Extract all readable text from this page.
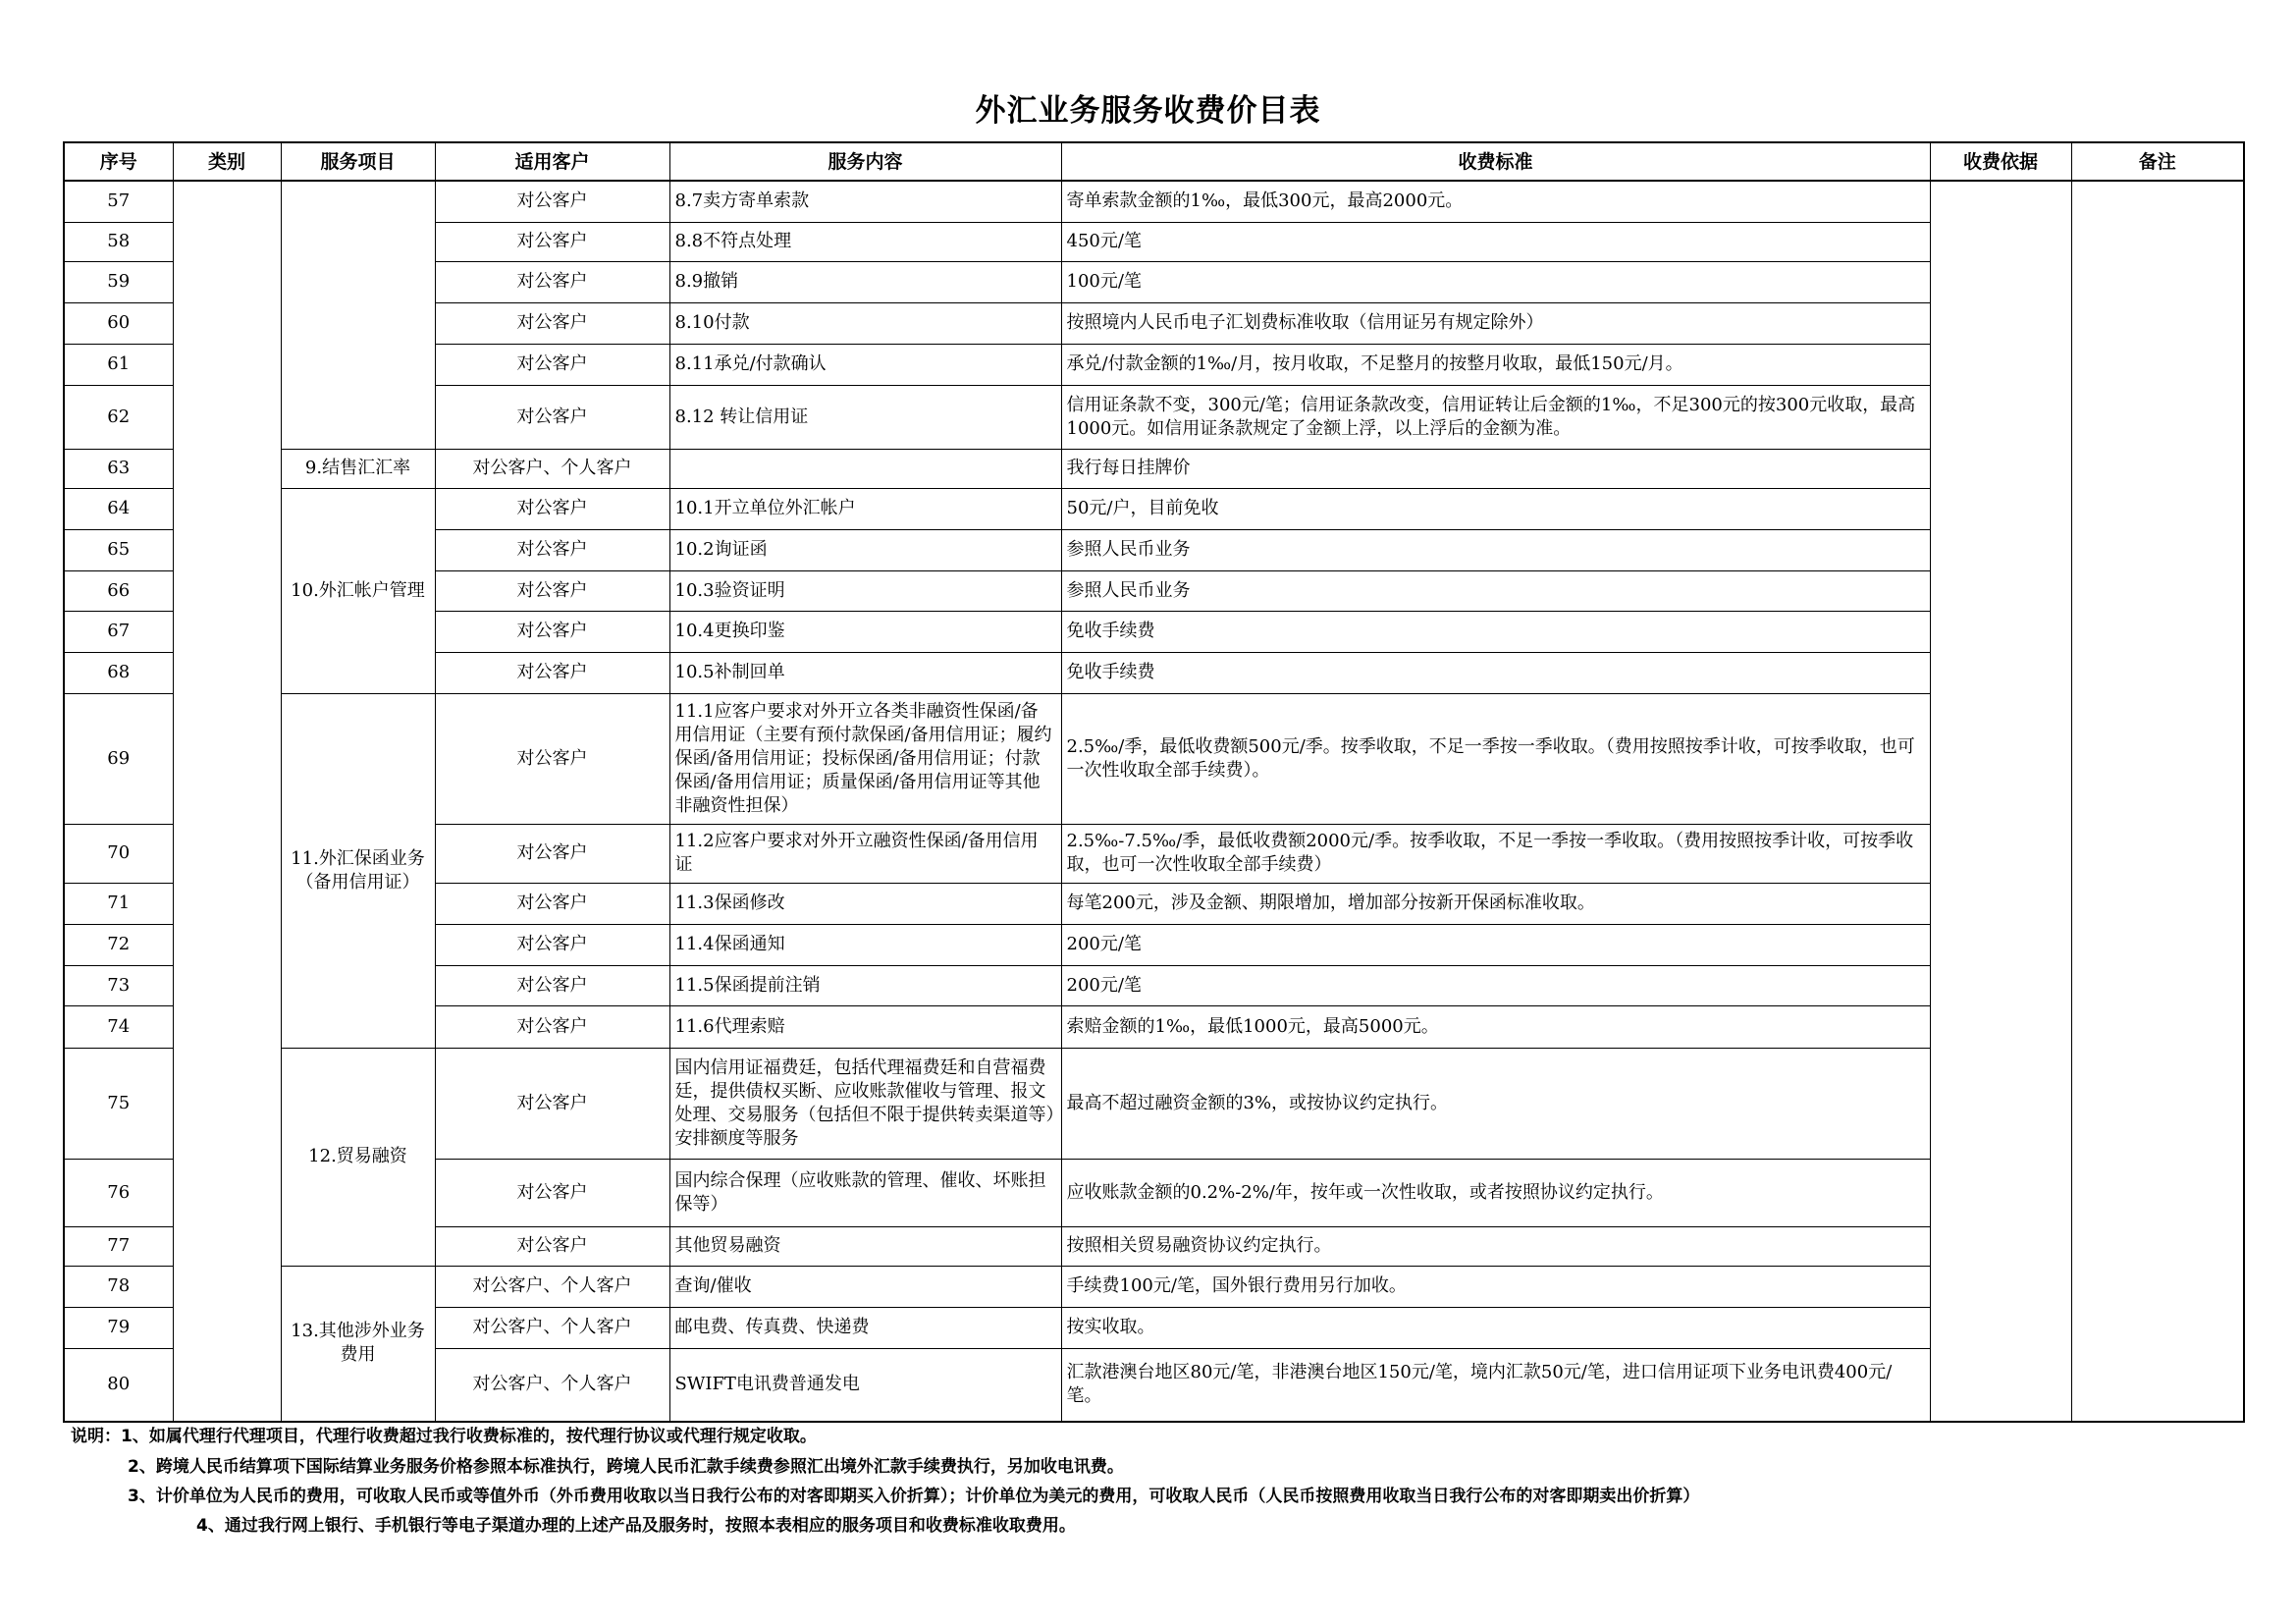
外汇业务服务收费价目表
序号	类别	服务项目	适用客户	服务内容	收费标准	收费依据	备注
57			对公客户	8.7卖方寄单索款	寄单索款金额的1‰，最低300元，最高2000元。		
58			对公客户	8.8不符点处理	450元/笔		
59			对公客户	8.9撤销	100元/笔		
60			对公客户	8.10付款	按照境内人民币电子汇划费标准收取（信用证另有规定除外）		
61			对公客户	8.11承兑/付款确认	承兑/付款金额的1‰/月，按月收取，不足整月的按整月收取，最低150元/月。		
62			对公客户	8.12 转让信用证	信用证条款不变，300元/笔；信用证条款改变，信用证转让后金额的1‰，不足300元的按300元收取，最高1000元。如信用证条款规定了金额上浮，以上浮后的金额为准。		
63		9.结售汇汇率	对公客户、个人客户		我行每日挂牌价		
64		10.外汇帐户管理	对公客户	10.1开立单位外汇帐户	50元/户，目前免收		
65			对公客户	10.2询证函	参照人民币业务		
66			对公客户	10.3验资证明	参照人民币业务		
67			对公客户	10.4更换印鉴	免收手续费		
68			对公客户	10.5补制回单	免收手续费		
69		11.外汇保函业务（备用信用证）	对公客户	11.1应客户要求对外开立各类非融资性保函/备用信用证（主要有预付款保函/备用信用证；履约保函/备用信用证；投标保函/备用信用证；付款保函/备用信用证；质量保函/备用信用证等其他非融资性担保）	2.5‰/季，最低收费额500元/季。按季收取，不足一季按一季收取。（费用按照按季计收，可按季收取，也可一次性收取全部手续费）。		
70			对公客户	11.2应客户要求对外开立融资性保函/备用信用证	2.5‰-7.5‰/季，最低收费额2000元/季。按季收取，不足一季按一季收取。（费用按照按季计收，可按季收取，也可一次性收取全部手续费）		
71			对公客户	11.3保函修改	每笔200元，涉及金额、期限增加，增加部分按新开保函标准收取。		
72			对公客户	11.4保函通知	200元/笔		
73			对公客户	11.5保函提前注销	200元/笔		
74			对公客户	11.6代理索赔	索赔金额的1‰，最低1000元，最高5000元。		
75		12.贸易融资	对公客户	国内信用证福费廷，包括代理福费廷和自营福费廷，提供债权买断、应收账款催收与管理、报文处理、交易服务（包括但不限于提供转卖渠道等）安排额度等服务	最高不超过融资金额的3%，或按协议约定执行。		
76			对公客户	国内综合保理（应收账款的管理、催收、坏账担保等）	应收账款金额的0.2%-2%/年，按年或一次性收取，或者按照协议约定执行。		
77			对公客户	其他贸易融资	按照相关贸易融资协议约定执行。		
78		13.其他涉外业务费用	对公客户、个人客户	查询/催收	手续费100元/笔，国外银行费用另行加收。		
79			对公客户、个人客户	邮电费、传真费、快递费	按实收取。		
80			对公客户、个人客户	SWIFT电讯费普通发电	汇款港澳台地区80元/笔，非港澳台地区150元/笔，境内汇款50元/笔，进口信用证项下业务电讯费400元/笔。		
说明：1、如属代理行代理项目，代理行收费超过我行收费标准的，按代理行协议或代理行规定收取。
2、跨境人民币结算项下国际结算业务服务价格参照本标准执行，跨境人民币汇款手续费参照汇出境外汇款手续费执行，另加收电讯费。
3、计价单位为人民币的费用，可收取人民币或等值外币（外币费用收取以当日我行公布的对客即期买入价折算）；计价单位为美元的费用，可收取人民币（人民币按照费用收取当日我行公布的对客即期卖出价折算）
4、通过我行网上银行、手机银行等电子渠道办理的上述产品及服务时，按照本表相应的服务项目和收费标准收取费用。
